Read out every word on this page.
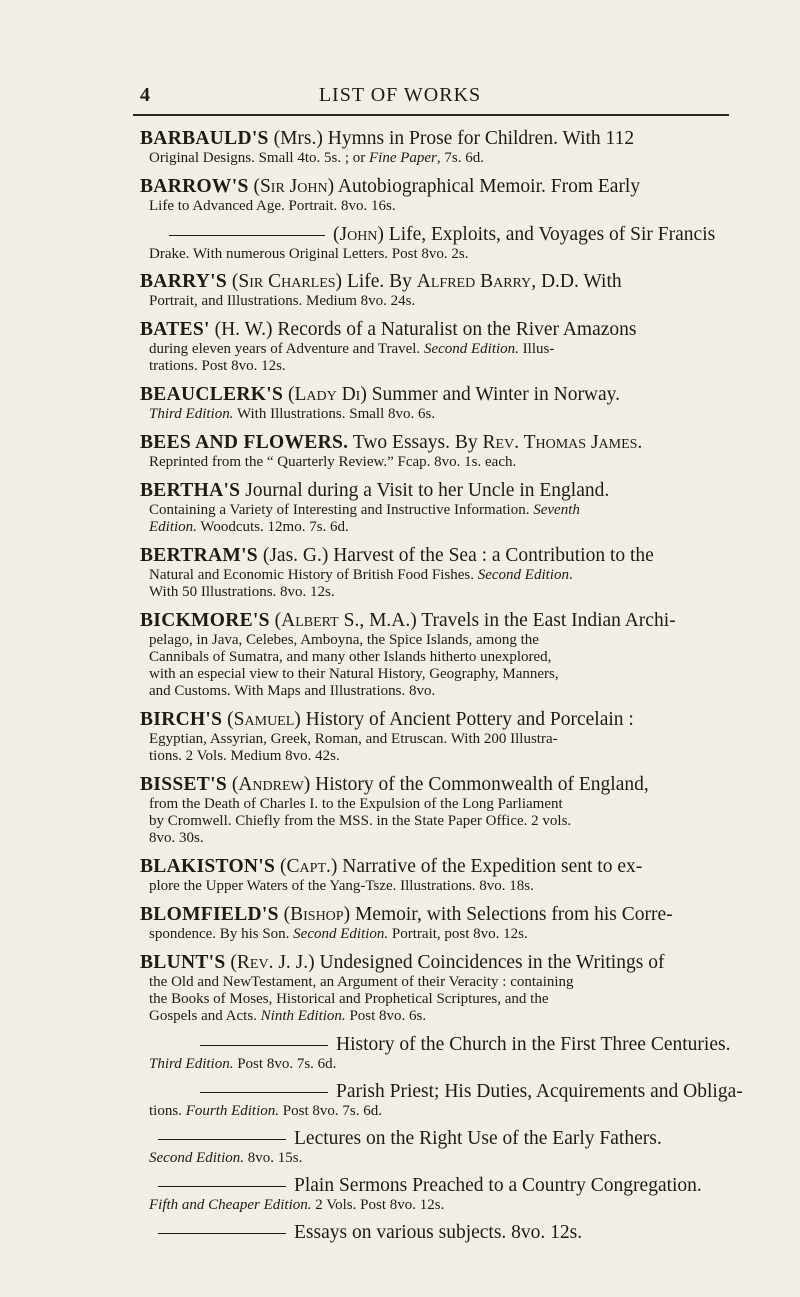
4	LIST OF WORKS
BARBAULD'S (Mrs.) Hymns in Prose for Children. With 112
Original Designs. Small 4to. 5s. ; or Fine Paper, 7s. 6d.
BARROW'S (Sir John) Autobiographical Memoir. From Early
Life to Advanced Age. Portrait. 8vo. 16s.
(John) Life, Exploits, and Voyages of Sir Francis
Drake. With numerous Original Letters. Post 8vo. 2s.
BARRY'S (Sir Charles) Life. By Alfred Barry, D.D. With
Portrait, and Illustrations. Medium 8vo. 24s.
BATES' (H. W.) Records of a Naturalist on the River Amazons
during eleven years of Adventure and Travel. Second Edition. Illus-
trations. Post 8vo. 12s.
BEAUCLERK'S (Lady Di) Summer and Winter in Norway.
Third Edition. With Illustrations. Small 8vo. 6s.
BEES AND FLOWERS. Two Essays. By Rev. Thomas James.
Reprinted from the “ Quarterly Review.” Fcap. 8vo. 1s. each.
BERTHA'S Journal during a Visit to her Uncle in England.
Containing a Variety of Interesting and Instructive Information. Seventh
Edition. Woodcuts. 12mo. 7s. 6d.
BERTRAM'S (Jas. G.) Harvest of the Sea : a Contribution to the
Natural and Economic History of British Food Fishes. Second Edition.
With 50 Illustrations. 8vo. 12s.
BICKMORE'S (Albert S., M.A.) Travels in the East Indian Archi-
pelago, in Java, Celebes, Amboyna, the Spice Islands, among the
Cannibals of Sumatra, and many other Islands hitherto unexplored,
with an especial view to their Natural History, Geography, Manners,
and Customs. With Maps and Illustrations. 8vo.
BIRCH'S (Samuel) History of Ancient Pottery and Porcelain :
Egyptian, Assyrian, Greek, Roman, and Etruscan. With 200 Illustra-
tions. 2 Vols. Medium 8vo. 42s.
BISSET'S (Andrew) History of the Commonwealth of England,
from the Death of Charles I. to the Expulsion of the Long Parliament
by Cromwell. Chiefly from the MSS. in the State Paper Office. 2 vols.
8vo. 30s.
BLAKISTON'S (Capt.) Narrative of the Expedition sent to ex-
plore the Upper Waters of the Yang-Tsze. Illustrations. 8vo. 18s.
BLOMFIELD'S (Bishop) Memoir, with Selections from his Corre-
spondence. By his Son. Second Edition. Portrait, post 8vo. 12s.
BLUNT'S (Rev. J. J.) Undesigned Coincidences in the Writings of
the Old and NewTestament, an Argument of their Veracity : containing
the Books of Moses, Historical and Prophetical Scriptures, and the
Gospels and Acts. Ninth Edition. Post 8vo. 6s.
History of the Church in the First Three Centuries.
Third Edition. Post 8vo. 7s. 6d.
Parish Priest; His Duties, Acquirements and Obliga-
tions. Fourth Edition. Post 8vo. 7s. 6d.
Lectures on the Right Use of the Early Fathers.
Second Edition. 8vo. 15s.
Plain Sermons Preached to a Country Congregation.
Fifth and Cheaper Edition. 2 Vols. Post 8vo. 12s.
Essays on various subjects. 8vo. 12s.
